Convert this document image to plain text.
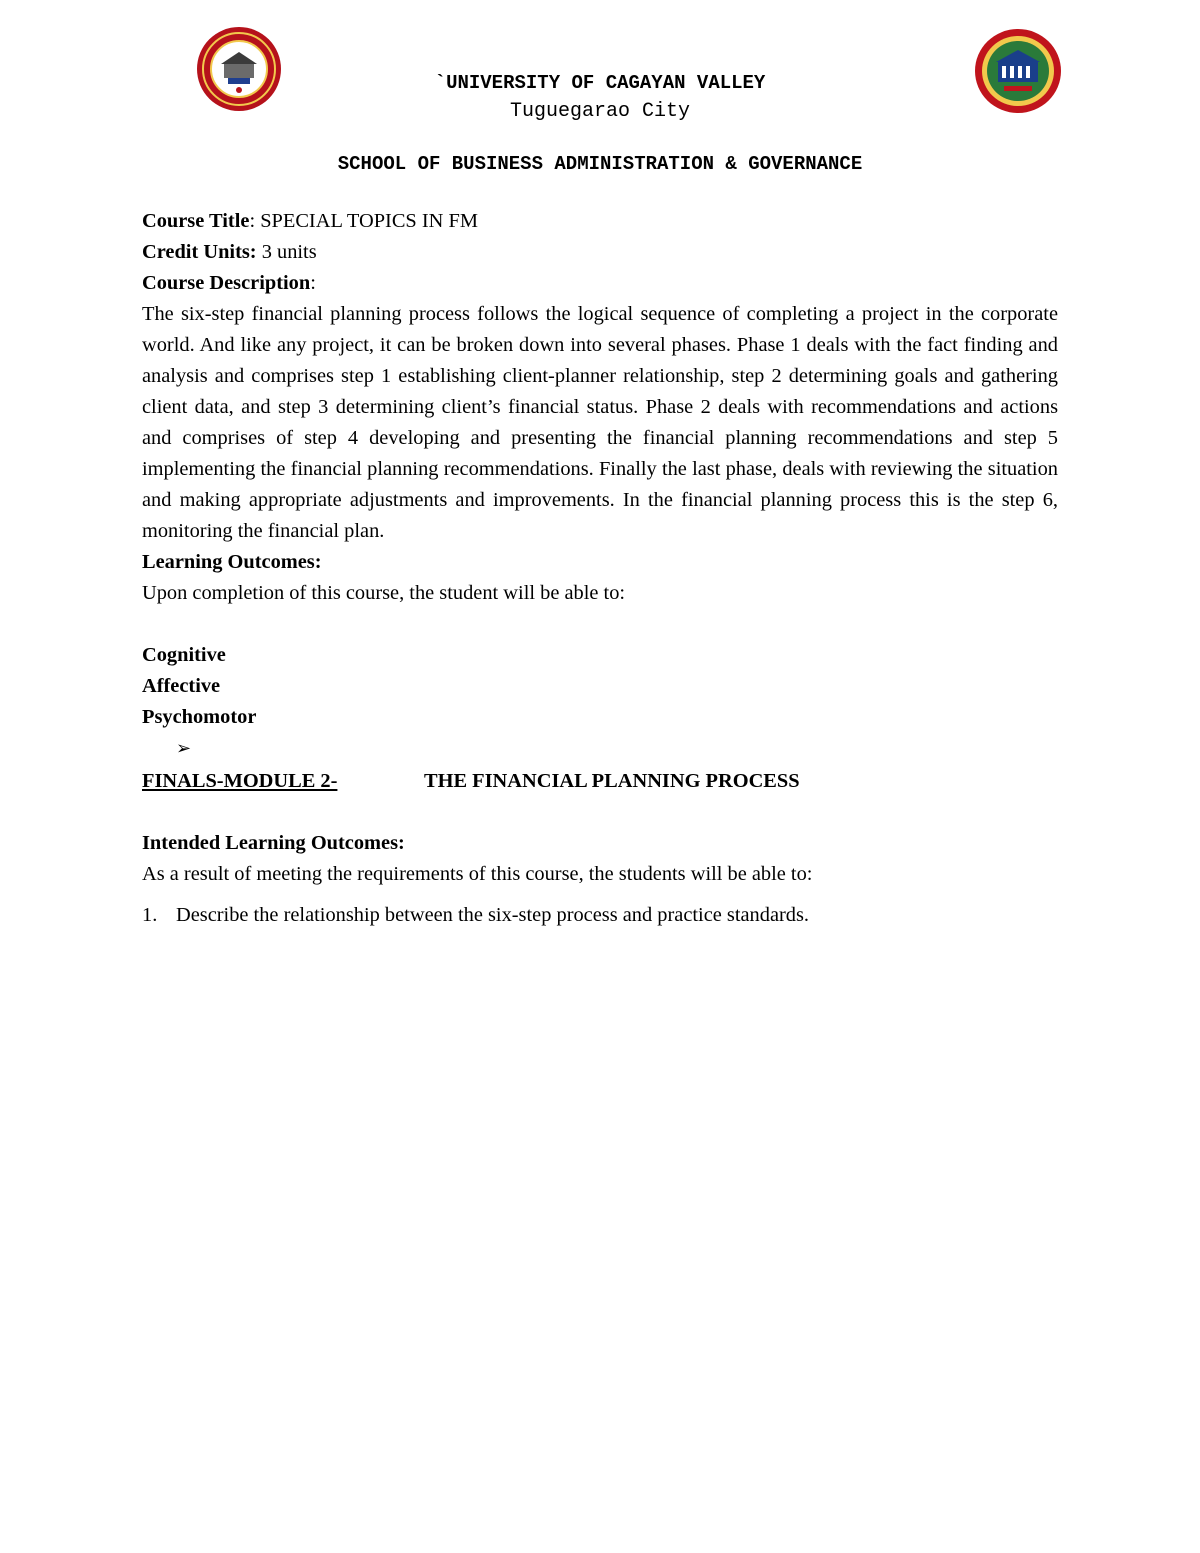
`UNIVERSITY OF CAGAYAN VALLEY

Tuguegarao City

SCHOOL OF BUSINESS ADMINISTRATION & GOVERNANCE

Course Title: SPECIAL TOPICS IN FM

Credit Units: 3 units

Course Description:

The six-step financial planning process follows the logical sequence of completing a project in the corporate world. And like any project, it can be broken down into several phases. Phase 1 deals with the fact finding and analysis and comprises step 1 establishing client-planner relationship, step 2 determining goals and gathering client data, and step 3 determining client’s financial status. Phase 2 deals with recommendations and actions and comprises of step 4 developing and presenting the financial planning recommendations and step 5 implementing the financial planning recommendations. Finally the last phase, deals with reviewing the situation and making appropriate adjustments and improvements. In the financial planning process this is the step 6, monitoring the financial plan.

Learning Outcomes:

Upon completion of this course, the student will be able to:

Cognitive

Affective

Psychomotor

➢

FINALS-MODULE 2-	THE FINANCIAL PLANNING PROCESS

Intended Learning Outcomes:

As a result of meeting the requirements of this course, the students will be able to:

1. Describe the relationship between the six-step process and practice standards.
